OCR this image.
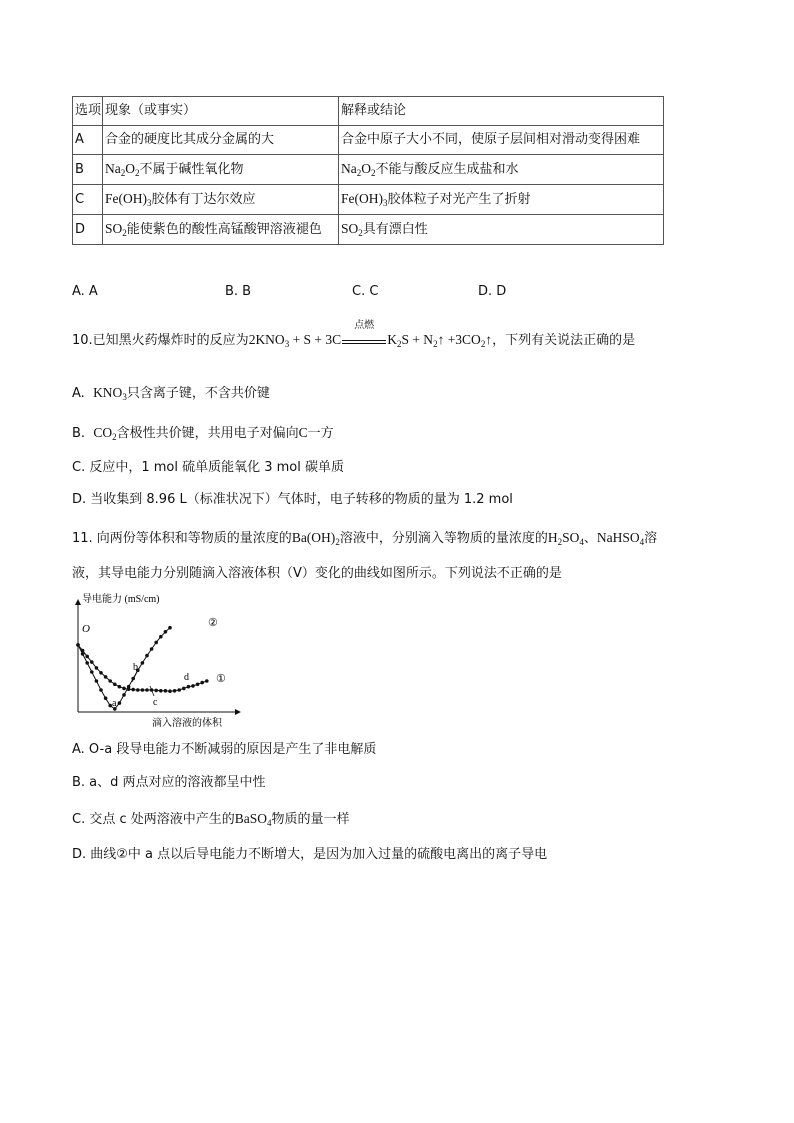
选项	现象（或事实）	解释或结论
A	合金的硬度比其成分金属的大	合金中原子大小不同，使原子层间相对滑动变得困难
B	$Na_2O_2$不属于碱性氧化物	$Na_2O_2$不能与酸反应生成盐和水
C	$Fe(OH)_3$胶体有丁达尔效应	$Fe(OH)_3$胶体粒子对光产生了折射
D	$SO_2$能使紫色的酸性高锰酸钾溶液褪色	$SO_2$具有漂白性
A. A	B. B	C. C	D. D
10.已知黑火药爆炸时的反应为$2KNO_3 + S + 3C$
点燃
$K_2S$ + $N_2↑$ $+3CO_2↑$，下列有关说法正确的是
A.  $KNO_3$只含离子键，不含共价键
B.  $CO_2$含极性共价键，共用电子对偏向C一方
C. 反应中，1 mol 硫单质能氧化 3 mol 碳单质
D. 当收集到 8.96 L（标准状况下）气体时，电子转移的物质的量为 1.2 mol
11. 向两份等体积和等物质的量浓度的$Ba(OH)_2$溶液中，分别滴入等物质的量浓度的$H_2SO_4$、NaHSO$_4$溶
液，其导电能力分别随滴入溶液体积（V）变化的曲线如图所示。下列说法不正确的是
导电能力 (mS/cm)
滴入溶液的体积
O
a
b
c
d
②
①
A. O-a 段导电能力不断减弱的原因是产生了非电解质
B. a、d 两点对应的溶液都呈中性
C. 交点 c 处两溶液中产生的BaSO$_4$物质的量一样
D. 曲线②中 a 点以后导电能力不断增大，是因为加入过量的硫酸电离出的离子导电
